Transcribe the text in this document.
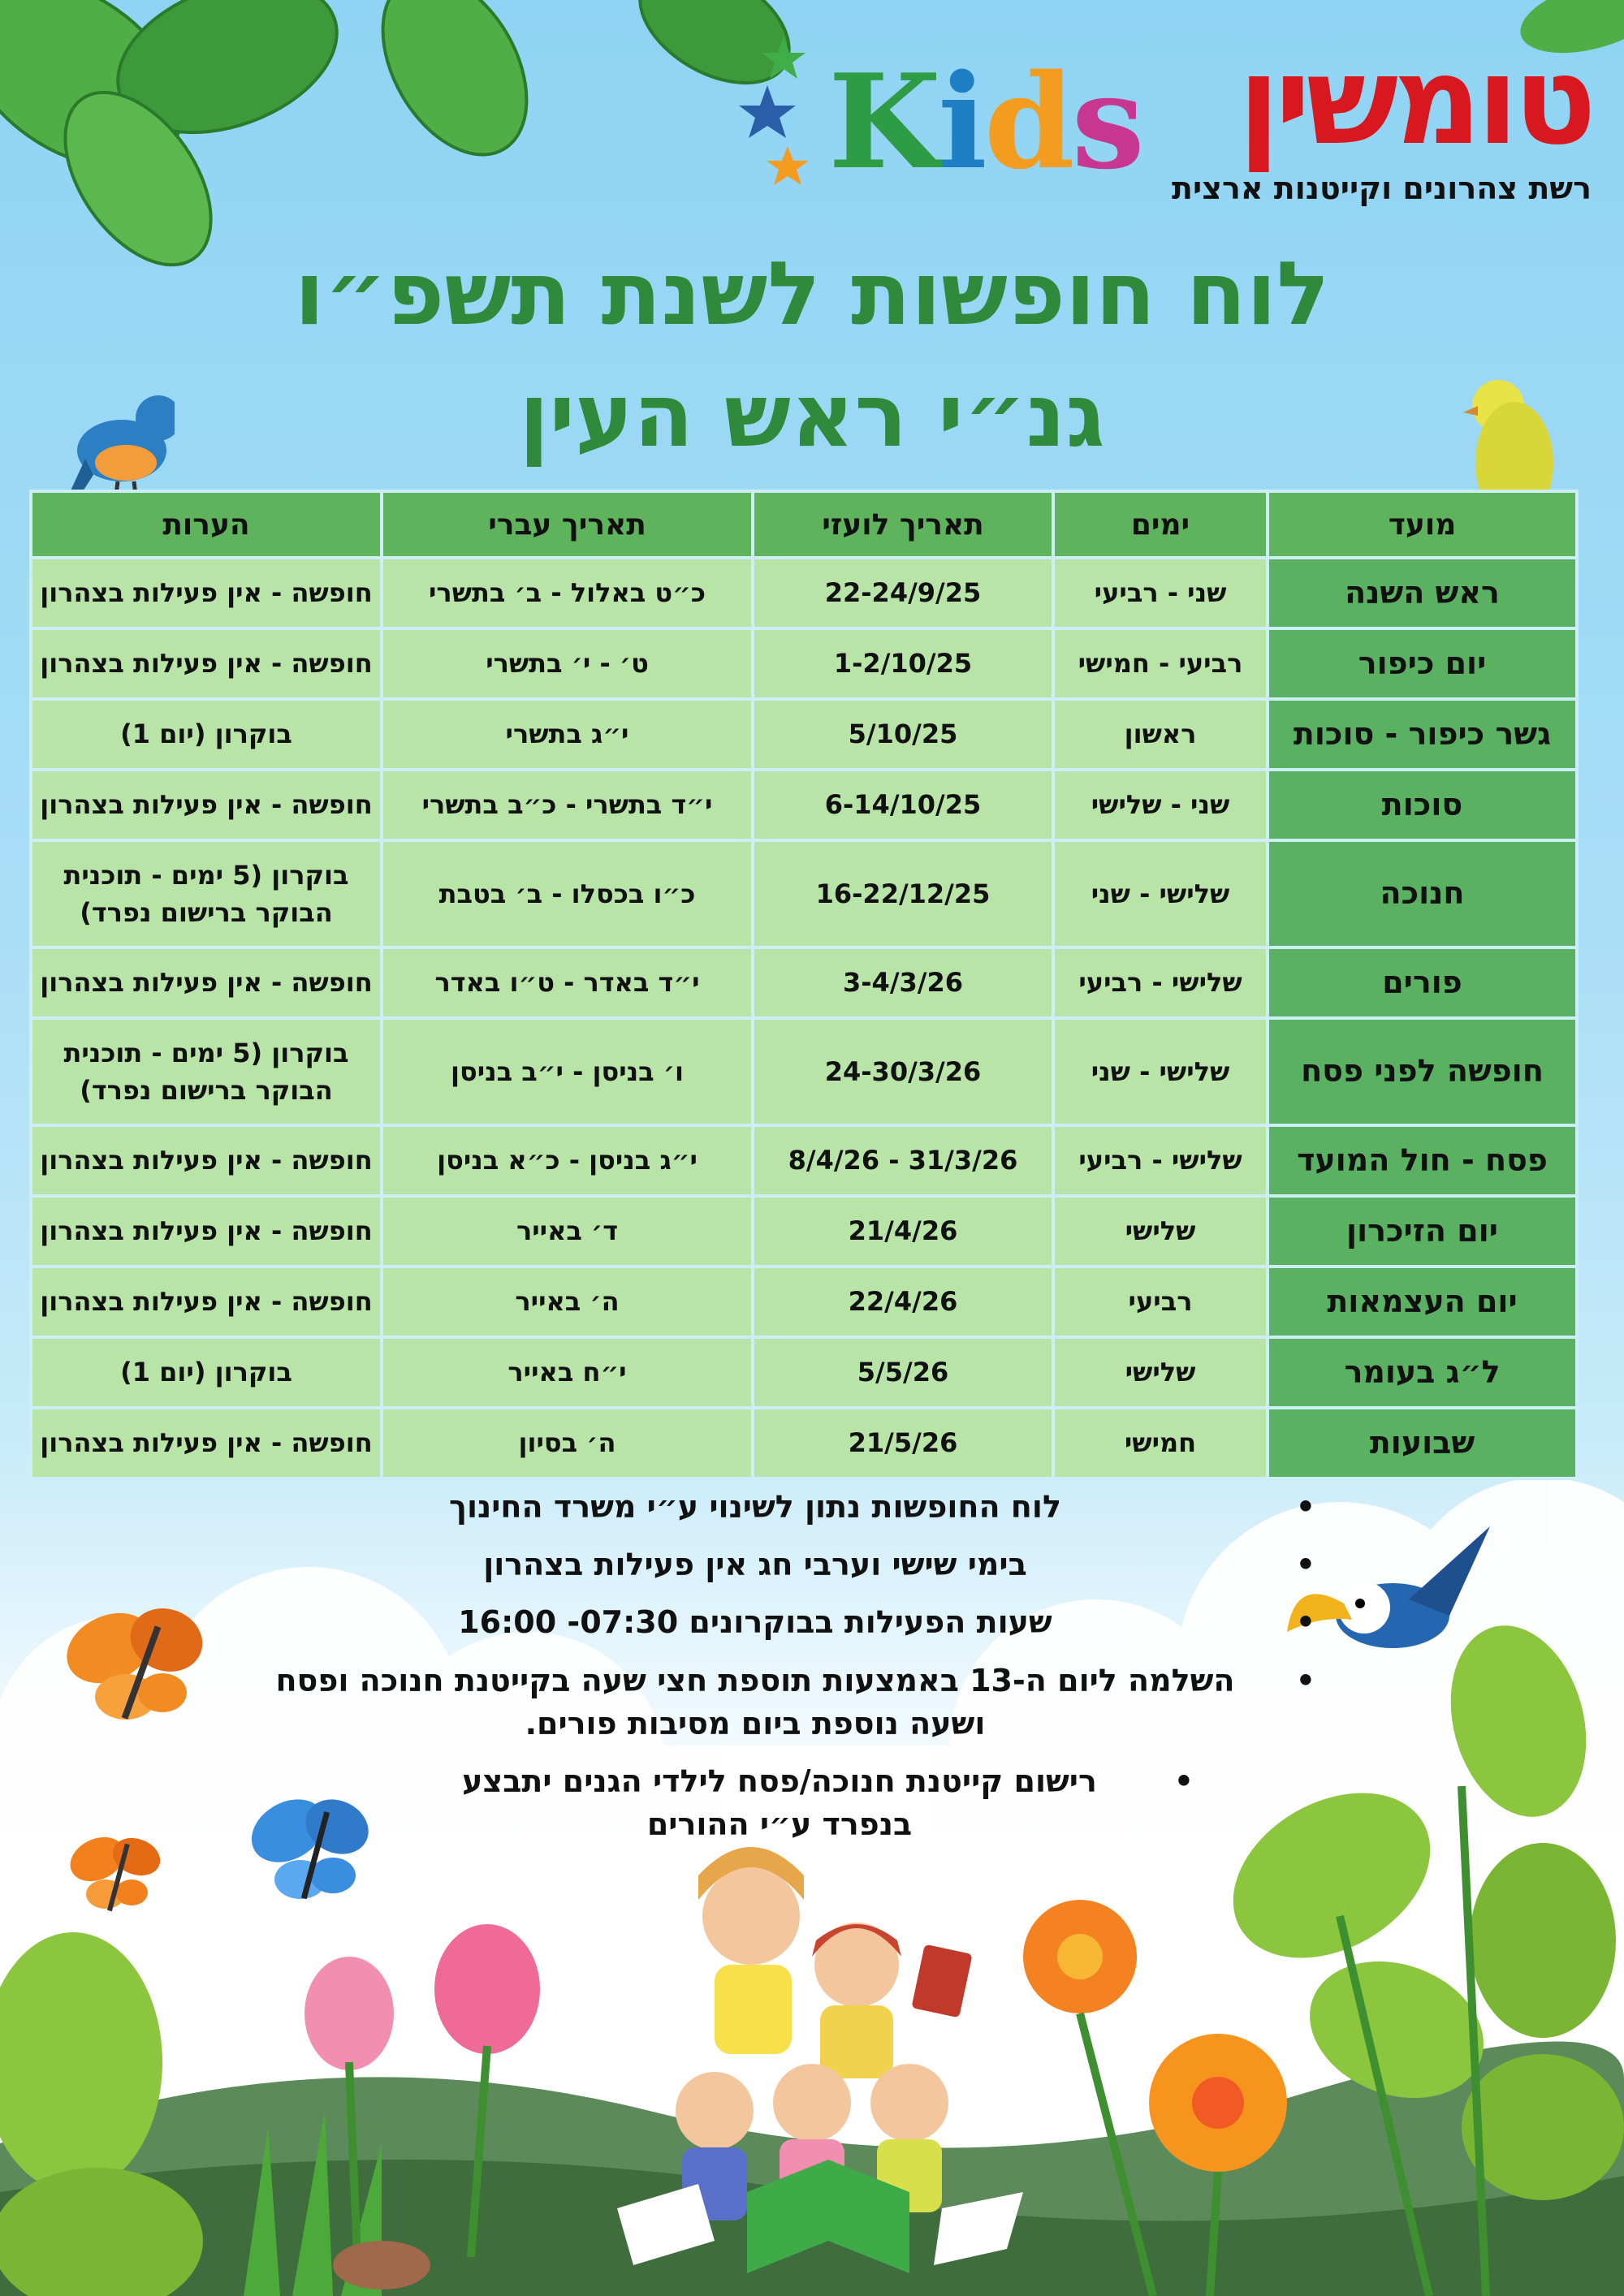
Kids טומשין
רשת צהרונים וקייטנות ארצית
לוח חופשות לשנת תשפ״ו
גנ״י ראש העין
מועד	ימים	תאריך לועזי	תאריך עברי	הערות
ראש השנה	שני - רביעי	22-24/9/25	כ״ט באלול - ב׳ בתשרי	חופשה - אין פעילות בצהרון
יום כיפור	רביעי - חמישי	1-2/10/25	ט׳ - י׳ בתשרי	חופשה - אין פעילות בצהרון
גשר כיפור - סוכות	ראשון	5/10/25	י״ג בתשרי	בוקרון (יום 1)
סוכות	שני - שלישי	6-14/10/25	י״ד בתשרי - כ״ב בתשרי	חופשה - אין פעילות בצהרון
חנוכה	שלישי - שני	16-22/12/25	כ״ו בכסלו - ב׳ בטבת	בוקרון (5 ימים - תוכנית הבוקר ברישום נפרד)
פורים	שלישי - רביעי	3-4/3/26	י״ד באדר - ט״ו באדר	חופשה - אין פעילות בצהרון
חופשה לפני פסח	שלישי - שני	24-30/3/26	ו׳ בניסן - י״ב בניסן	בוקרון (5 ימים - תוכנית הבוקר ברישום נפרד)
פסח - חול המועד	שלישי - רביעי	31/3/26 - 8/4/26	י״ג בניסן - כ״א בניסן	חופשה - אין פעילות בצהרון
יום הזיכרון	שלישי	21/4/26	ד׳ באייר	חופשה - אין פעילות בצהרון
יום העצמאות	רביעי	22/4/26	ה׳ באייר	חופשה - אין פעילות בצהרון
ל״ג בעומר	שלישי	5/5/26	י״ח באייר	בוקרון (יום 1)
שבועות	חמישי	21/5/26	ה׳ בסיון	חופשה - אין פעילות בצהרון
•
לוח החופשות נתון לשינוי ע״י משרד החינוך
•
בימי שישי וערבי חג אין פעילות בצהרון
•
שעות הפעילות בבוקרונים 07:30- 16:00
•
השלמה ליום ה-13 באמצעות תוספת חצי שעה בקייטנת חנוכה ופסח ושעה נוספת ביום מסיבות פורים.
•
רישום קייטנת חנוכה/פסח לילדי הגנים יתבצע בנפרד ע״י ההורים
